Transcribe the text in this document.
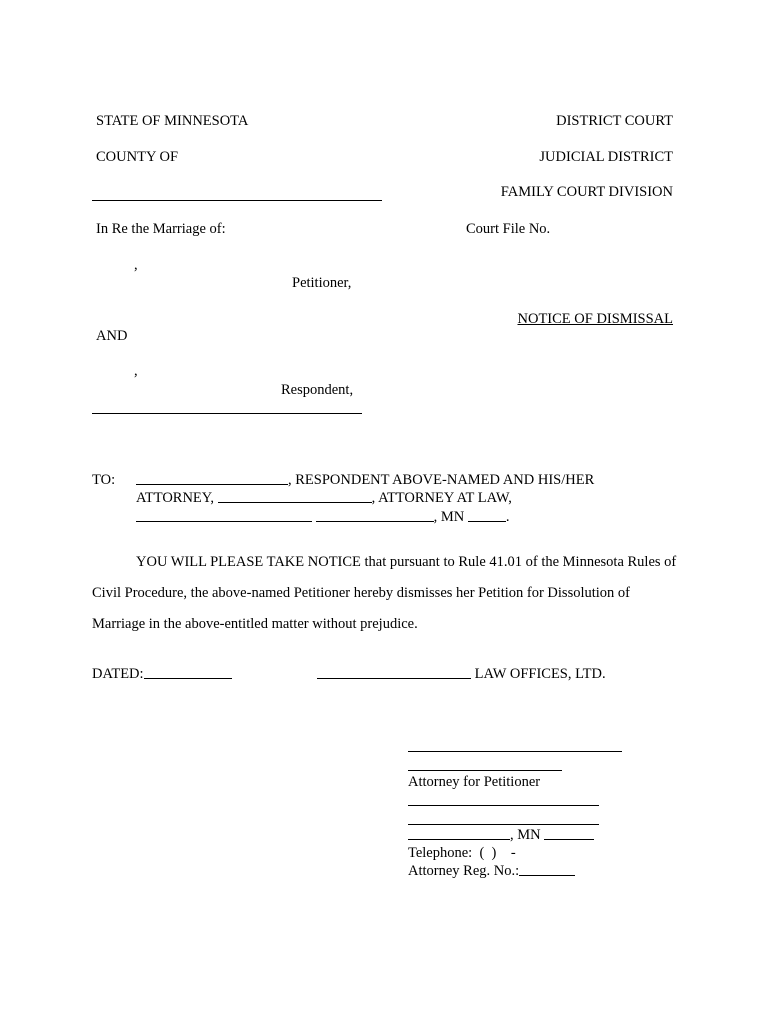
STATE OF MINNESOTA	DISTRICT COURT

COUNTY OF	JUDICIAL DISTRICT

FAMILY COURT DIVISION

In Re the Marriage of:	Court File No.

,

Petitioner,

NOTICE OF DISMISSAL

AND

,

Respondent,

TO:	, RESPONDENT ABOVE-NAMED AND HIS/HER

ATTORNEY,	, ATTORNEY AT LAW,

, MN	.

YOU WILL PLEASE TAKE NOTICE that pursuant to Rule 41.01 of the Minnesota Rules of Civil Procedure, the above-named Petitioner hereby dismisses her Petition for Dissolution of Marriage in the above-entitled matter without prejudice.

DATED:	LAW OFFICES, LTD.

Attorney for Petitioner

, MN

Telephone:  (  )    -

Attorney Reg. No.:
